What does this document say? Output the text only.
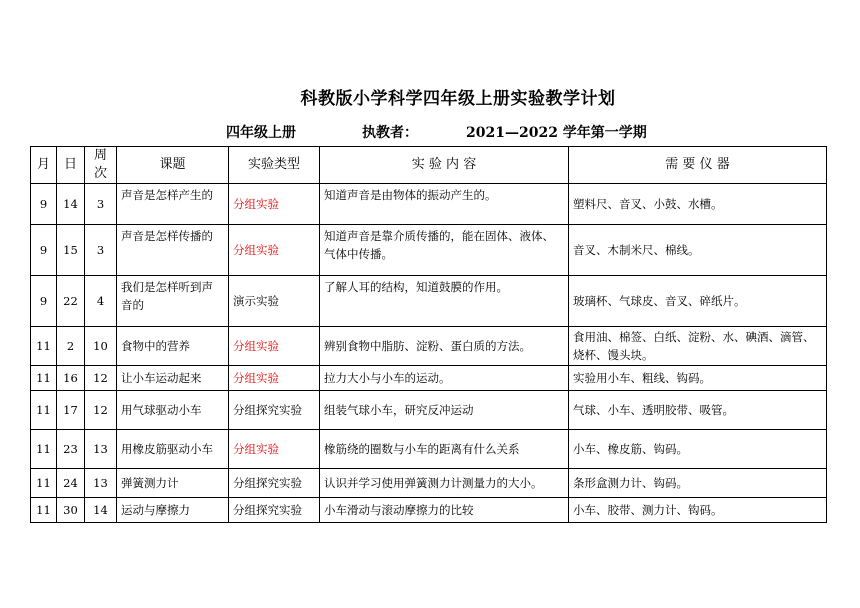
科教版小学科学四年级上册实验教学计划
四年级上册	执教者：	2021—2022 学年第一学期
月	日	周次	课题	实验类型	实 验 内 容	需 要 仪 器
9	14	3	声音是怎样产生的	分组实验	知道声音是由物体的振动产生的。	塑料尺、音叉、小鼓、水槽。
9	15	3	声音是怎样传播的	分组实验	知道声音是靠介质传播的，能在固体、液体、气体中传播。	音叉、木制米尺、棉线。
9	22	4	我们是怎样听到声音的	演示实验	了解人耳的结构，知道鼓膜的作用。	玻璃杯、气球皮、音叉、碎纸片。
11	2	10	食物中的营养	分组实验	辨别食物中脂肪、淀粉、蛋白质的方法。	食用油、棉签、白纸、淀粉、水、碘酒、滴管、烧杯、馒头块。
11	16	12	让小车运动起来	分组实验	拉力大小与小车的运动。	实验用小车、粗线、钩码。
11	17	12	用气球驱动小车	分组探究实验	组装气球小车，研究反冲运动	气球、小车、透明胶带、吸管。
11	23	13	用橡皮筋驱动小车	分组实验	橡筋绕的圈数与小车的距离有什么关系	小车、橡皮筋、钩码。
11	24	13	弹簧测力计	分组探究实验	认识并学习使用弹簧测力计测量力的大小。	条形盒测力计、钩码。
11	30	14	运动与摩擦力	分组探究实验	小车滑动与滚动摩擦力的比较	小车、胶带、测力计、钩码。
